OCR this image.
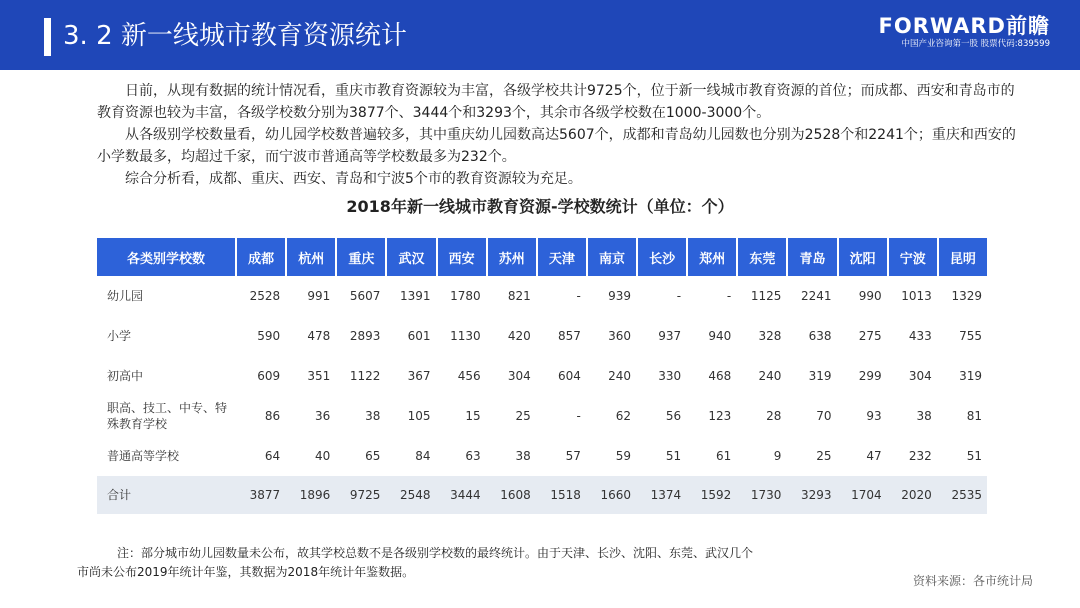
3. 2 新一线城市教育资源统计	FORWARD前瞻
中国产业咨询第一股 股票代码:839599

日前，从现有数据的统计情况看，重庆市教育资源较为丰富，各级学校共计9725个，位于新一线城市教育资源的首位；而成都、西安和青岛市的教育资源也较为丰富，各级学校数分别为3877个、3444个和3293个，其余市各级学校数在1000-3000个。

从各级别学校数量看，幼儿园学校数普遍较多，其中重庆幼儿园数高达5607个，成都和青岛幼儿园数也分别为2528个和2241个；重庆和西安的小学数最多，均超过千家，而宁波市普通高等学校数最多为232个。

综合分析看，成都、重庆、西安、青岛和宁波5个市的教育资源较为充足。

2018年新一线城市教育资源-学校数统计（单位：个）
各类别学校数	成都	杭州	重庆	武汉	西安	苏州	天津	南京	长沙	郑州	东莞	青岛	沈阳	宁波	昆明
幼儿园	2528	991	5607	1391	1780	821	-	939	-	-	1125	2241	990	1013	1329
小学	590	478	2893	601	1130	420	857	360	937	940	328	638	275	433	755
初高中	609	351	1122	367	456	304	604	240	330	468	240	319	299	304	319
职高、技工、中专、特殊教育学校	86	36	38	105	15	25	-	62	56	123	28	70	93	38	81
普通高等学校	64	40	65	84	63	38	57	59	51	61	9	25	47	232	51
合计	3877	1896	9725	2548	3444	1608	1518	1660	1374	1592	1730	3293	1704	2020	2535

注：部分城市幼儿园数量未公布，故其学校总数不是各级别学校数的最终统计。由于天津、长沙、沈阳、东莞、武汉几个

市尚未公布2019年统计年鉴，其数据为2018年统计年鉴数据。

资料来源：各市统计局
